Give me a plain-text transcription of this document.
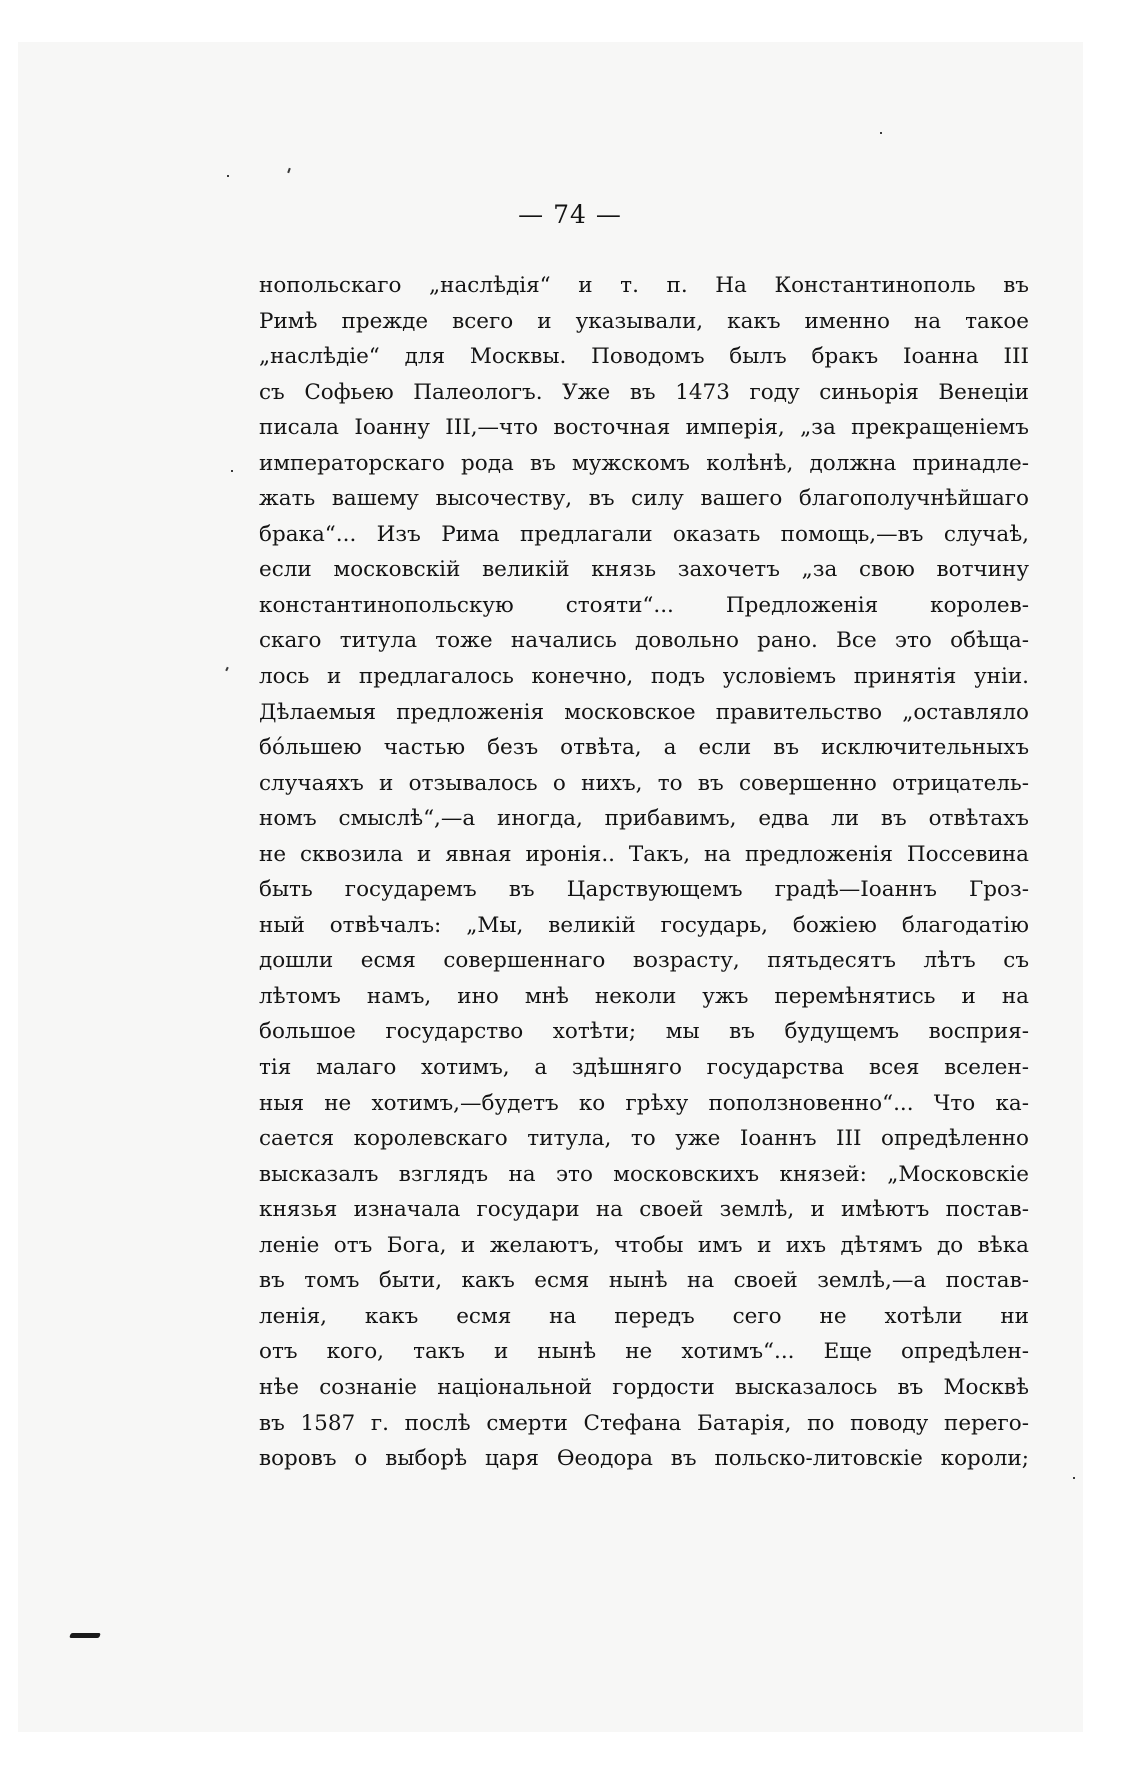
— 74 —
нопольскаго „наслѣдія“ и т. п. На Константинополь въ
Римѣ прежде всего и указывали, какъ именно на такое
„наслѣдіе“ для Москвы. Поводомъ былъ бракъ Іоанна III
съ Софьею Палеологъ. Уже въ 1473 году синьорія Венеціи
писала Іоанну III,—что восточная имперія, „за прекращеніемъ
императорскаго рода въ мужскомъ колѣнѣ, должна принадле-
жать вашему высочеству, въ силу вашего благополучнѣйшаго
брака“... Изъ Рима предлагали оказать помощь,—въ случаѣ,
если московскій великій князь захочетъ „за свою вотчину
константинопольскую стояти“... Предложенія королев-
скаго титула тоже начались довольно рано. Все это обѣща-
лось и предлагалось конечно, подъ условіемъ принятія уніи.
Дѣлаемыя предложенія московское правительство „оставляло
бо́льшею частью безъ отвѣта, а если въ исключительныхъ
случаяхъ и отзывалось о нихъ, то въ совершенно отрицатель-
номъ смыслѣ“,—а иногда, прибавимъ, едва ли въ отвѣтахъ
не сквозила и явная иронія.. Такъ, на предложенія Поссевина
быть государемъ въ Царствующемъ градѣ—Іоаннъ Гроз-
ный отвѣчалъ: „Мы, великій государь, божіею благодатію
дошли есмя совершеннаго возрасту, пятьдесятъ лѣтъ съ
лѣтомъ намъ, ино мнѣ неколи ужъ перемѣнятись и на
большое государство хотѣти; мы въ будущемъ восприя-
тія малаго хотимъ, а здѣшняго государства всея вселен-
ныя не хотимъ,—будетъ ко грѣху поползновенно“... Что ка-
сается королевскаго титула, то уже Іоаннъ III опредѣленно
высказалъ взглядъ на это московскихъ князей: „Московскіе
князья изначала государи на своей землѣ, и имѣютъ постав-
леніе отъ Бога, и желаютъ, чтобы имъ и ихъ дѣтямъ до вѣка
въ томъ быти, какъ есмя нынѣ на своей землѣ,—а постав-
ленія, какъ есмя на передъ сего не хотѣли ни
отъ кого, такъ и нынѣ не хотимъ“... Еще опредѣлен-
нѣе сознаніе національной гордости высказалось въ Москвѣ
въ 1587 г. послѣ смерти Стефана Батарія, по поводу перего-
воровъ о выборѣ царя Ѳеодора въ польско-литовскіе короли;
